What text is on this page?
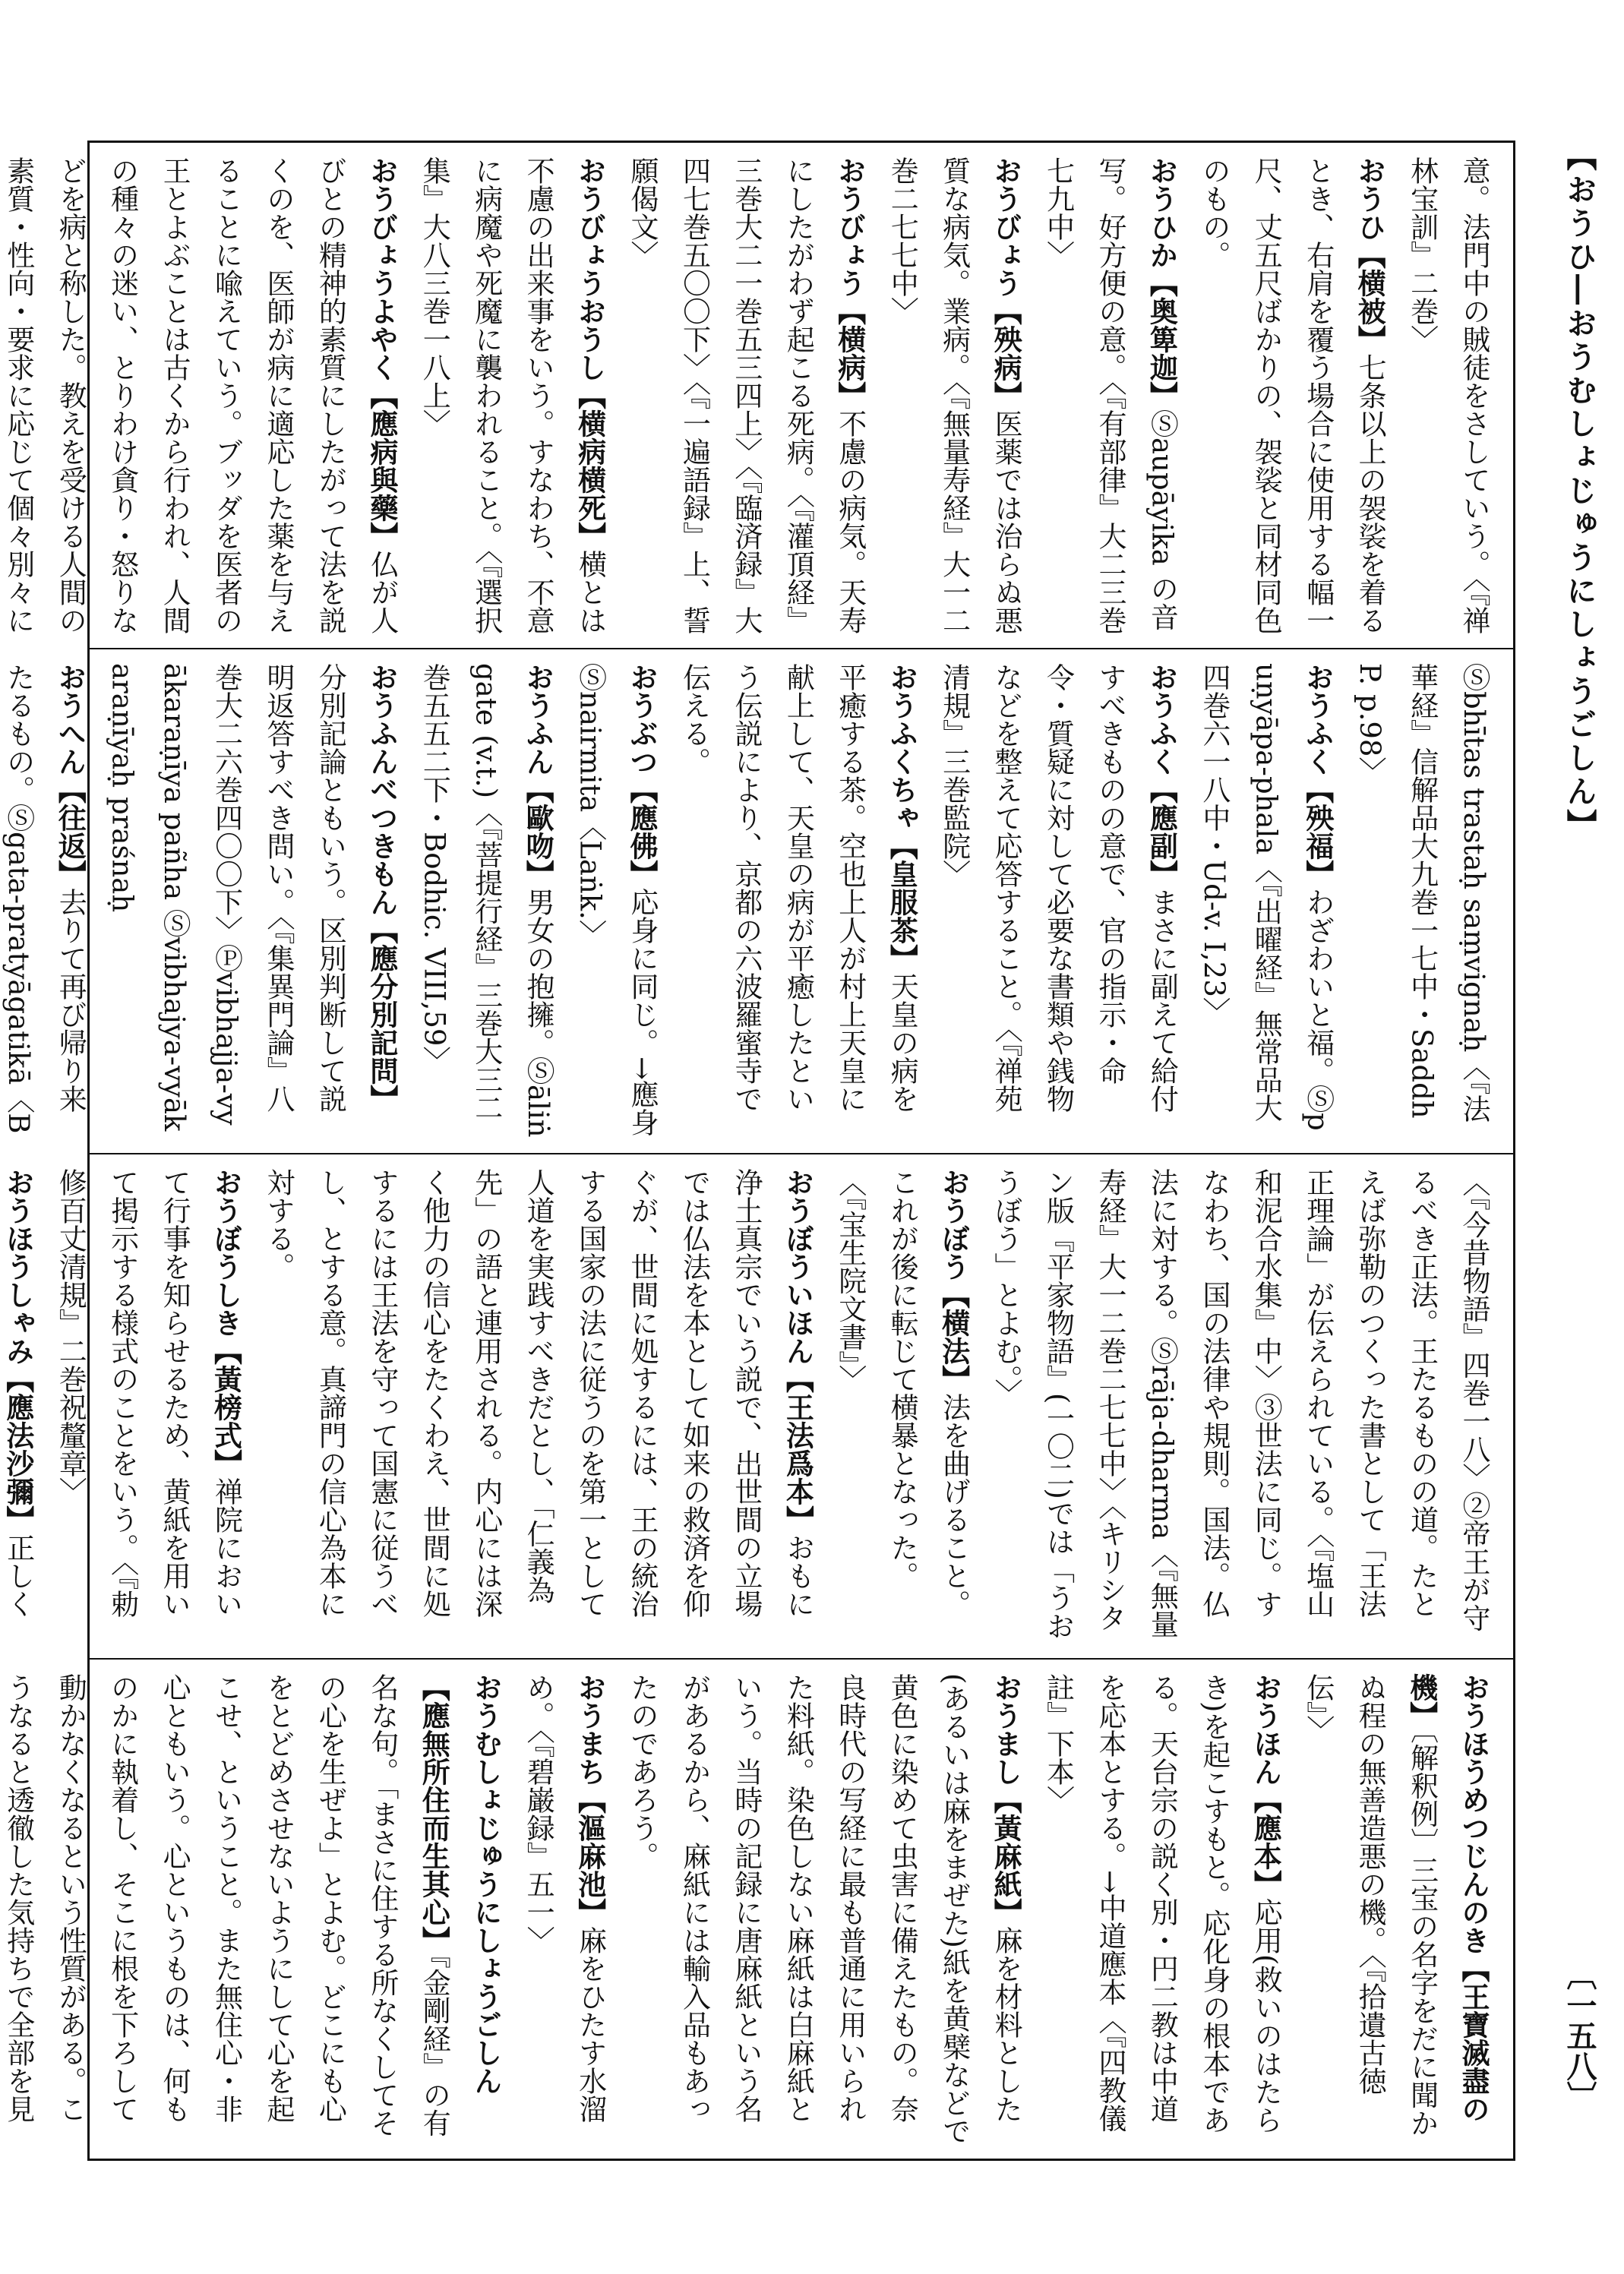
【おうひ―おうむしょじゅうにしょうごしん】
〔一五八〕
意。法門中の賊徒をさしていう。〈『禅林宝訓』二巻〉
おうひ【横被】七条以上の袈裟を着るとき、右肩を覆う場合に使用する幅一尺、丈五尺ばかりの、袈裟と同材同色のもの。
おうひか【奥箄迦】Ⓢaupāyika の音写。好方便の意。〈『有部律』大二三巻七九中〉
おうびょう【殃病】医薬では治らぬ悪質な病気。業病。〈『無量寿経』大一二巻二七七中〉
おうびょう【横病】不慮の病気。天寿にしたがわず起こる死病。〈『灌頂経』三巻大二一巻五三四上〉〈『臨済録』大四七巻五〇〇下〉〈『一遍語録』上、誓願偈文〉
おうびょうおうし【横病横死】横とは不慮の出来事をいう。すなわち、不意に病魔や死魔に襲われること。〈『選択集』大八三巻一八上〉
おうびょうよやく【應病與藥】仏が人びとの精神的素質にしたがって法を説くのを、医師が病に適応した薬を与えることに喩えていう。ブッダを医者の王とよぶことは古くから行われ、人間の種々の迷い、とりわけ貪り・怒りなどを病と称した。教えを受ける人間の素質・性向・要求に応じて個々別々に

Ⓢbhītas trastaḥ saṃvignaḥ〈『法華経』信解品大九巻一七中・SaddhP. p.98〉
おうふく【殃福】わざわいと福。Ⓢpuṇyāpa-phala〈『出曜経』無常品大四巻六一八中・Ud-v. I,23〉
おうふく【應副】まさに副えて給付すべきものの意で、官の指示・命令・質疑に対して必要な書類や銭物などを整えて応答すること。〈『禅苑清規』三巻監院〉
おうふくちゃ【皇服茶】天皇の病を平癒する茶。空也上人が村上天皇に献上して、天皇の病が平癒したという伝説により、京都の六波羅蜜寺で伝える。
おうぶつ【應佛】応身に同じ。→應身　Ⓢnairmita〈Laṅk.〉
おうふん【歐吻】男女の抱擁。Ⓢāliṅgate (v.t.)〈『菩提行経』三巻大三二巻五五二下・Bodhic. VIII,59〉
おうふんべつきもん【應分別記問】分別記論ともいう。区別判断して説明返答すべき問い。〈『集異門論』八巻大二六巻四〇〇下〉Ⓟvibhajja-vyākaraṇīya pañha Ⓢvibhajya-vyākaraṇīyaḥ praśnaḥ
おうへん【往返】去りて再び帰り来たるもの。Ⓢgata-pratyāgatikā〈B

〈『今昔物語』四巻一八〉②帝王が守るべき正法。王たるものの道。たとえば弥勒のつくった書として「王法正理論」が伝えられている。〈『塩山和泥合水集』中〉③世法に同じ。すなわち、国の法律や規則。国法。仏法に対する。Ⓢrāja-dharma〈『無量寿経』大一二巻二七七中〉〈キリシタン版『平家物語』(一〇二)では「うおうぼう」とよむ。〉
おうぼう【横法】法を曲げること。これが後に転じて横暴となった。〈『宝生院文書』〉
おうぼういほん【王法爲本】おもに浄土真宗でいう説で、出世間の立場では仏法を本として如来の救済を仰ぐが、世間に処するには、王の統治する国家の法に従うのを第一として人道を実践すべきだとし、「仁義為先」の語と連用される。内心には深く他力の信心をたくわえ、世間に処するには王法を守って国憲に従うべし、とする意。真諦門の信心為本に対する。
おうぼうしき【黃榜式】禅院において行事を知らせるため、黄紙を用いて掲示する様式のことをいう。〈『勅修百丈清規』二巻祝釐章〉
おうほうしゃみ【應法沙彌】正しく

おうほうめつじんのき【王寶滅盡の機】〔解釈例〕三宝の名字をだに聞かぬ程の無善造悪の機。〈『拾遺古徳伝』〉
おうほん【應本】応用(救いのはたらき)を起こすもと。応化身の根本である。天台宗の説く別・円二教は中道を応本とする。→中道應本〈『四教儀註』下本〉
おうまし【黃麻紙】麻を材料とした(あるいは麻をまぜた)紙を黄檗などで黄色に染めて虫害に備えたもの。奈良時代の写経に最も普通に用いられた料紙。染色しない麻紙は白麻紙という。当時の記録に唐麻紙という名があるから、麻紙には輸入品もあったのであろう。
おうまち【漚麻池】麻をひたす水溜め。〈『碧巌録』五一〉
おうむしょじゅうにしょうごしん【應無所住而生其心】『金剛経』の有名な句。「まさに住する所なくしてその心を生ぜよ」とよむ。どこにも心をとどめさせないようにして心を起こせ、ということ。また無住心・非心ともいう。心というものは、何ものかに執着し、そこに根を下ろして動かなくなるという性質がある。こうなると透徹した気持ちで全部を見
